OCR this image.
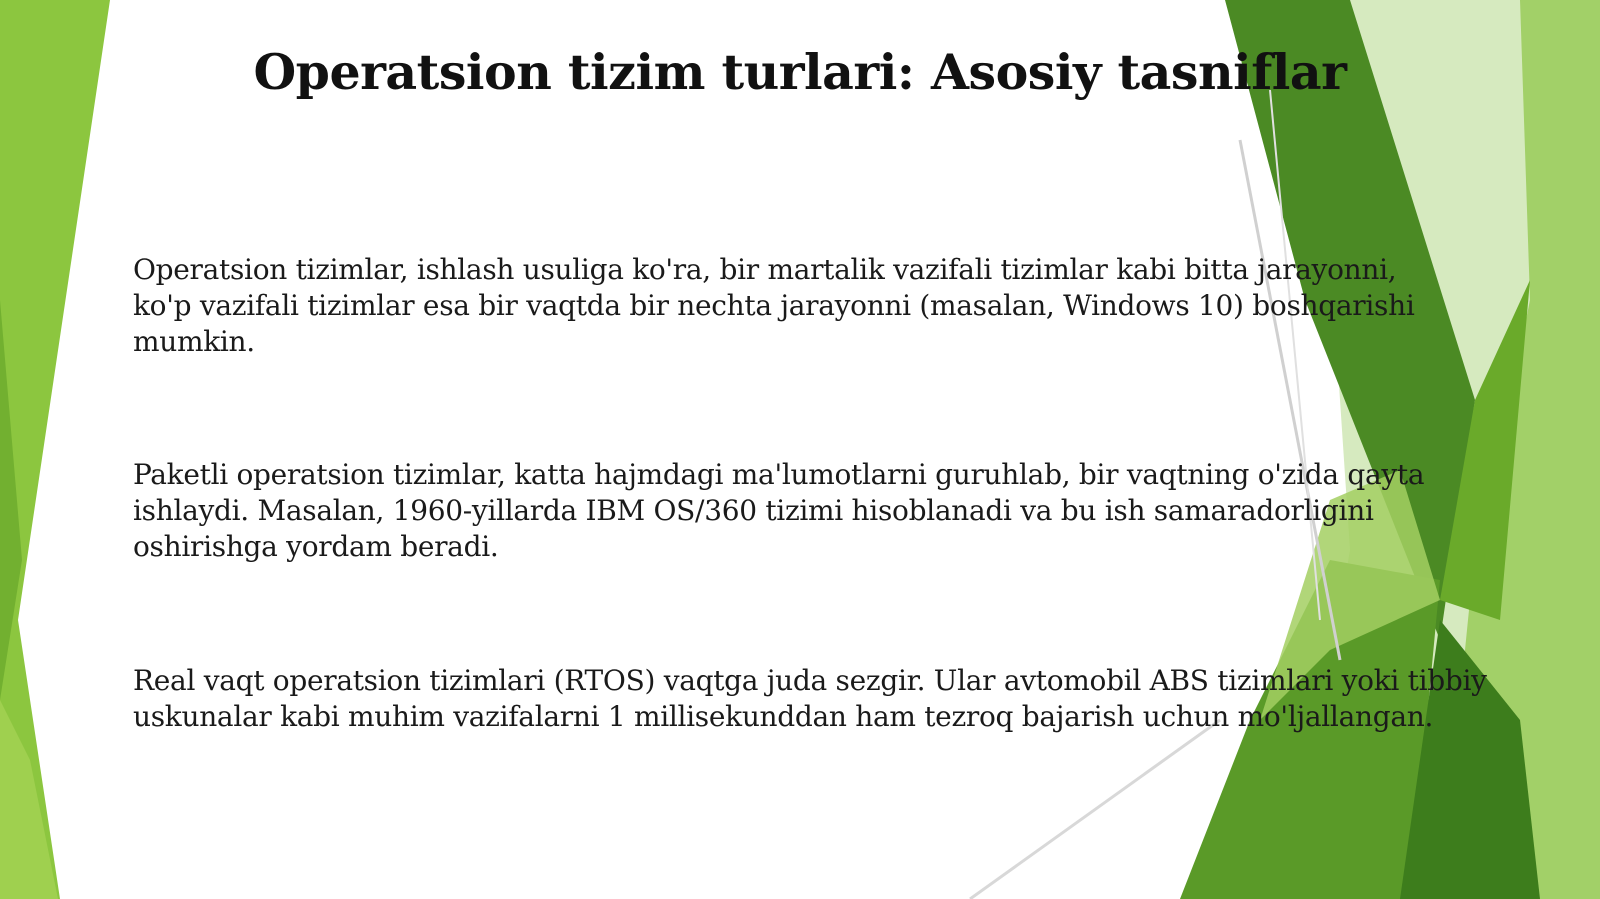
Operatsion tizim turlari: Asosiy tasniflar
Operatsion tizimlar, ishlash usuliga ko'ra, bir martalik vazifali tizimlar kabi bitta jarayonni, ko'p vazifali tizimlar esa bir vaqtda bir nechta jarayonni (masalan, Windows 10) boshqarishi mumkin.
Paketli operatsion tizimlar, katta hajmdagi ma'lumotlarni guruhlab, bir vaqtning o'zida qayta ishlaydi. Masalan, 1960-yillarda IBM OS/360 tizimi hisoblanadi va bu ish samaradorligini oshirishga yordam beradi.
Real vaqt operatsion tizimlari (RTOS) vaqtga juda sezgir. Ular avtomobil ABS tizimlari yoki tibbiy uskunalar kabi muhim vazifalarni 1 millisekunddan ham tezroq bajarish uchun mo'ljallangan.
